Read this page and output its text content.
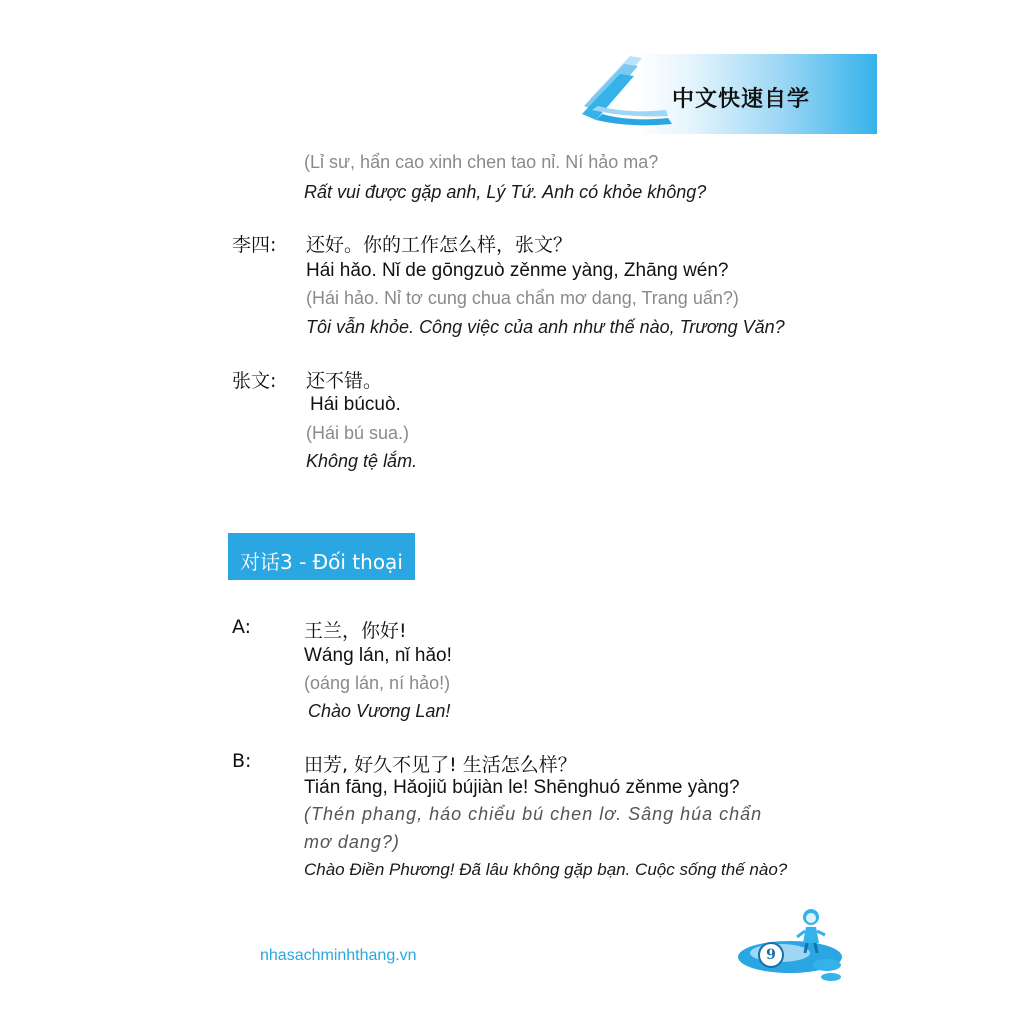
中文快速自学
(Lỉ sư, hẩn cao xinh chen tao nỉ. Ní hảo ma?
Rất vui được gặp anh, Lý Tứ. Anh có khỏe không?
李四: 还好。你的工作怎么样，张文？
Hái hǎo. Nǐ de gōngzuò zěnme yàng, Zhāng wén?
(Hái hảo. Nỉ tơ cung chua chẩn mơ dang, Trang uấn?)
Tôi vẫn khỏe. Công việc của anh như thế nào, Trương Văn?
张文: 还不错。
Hái búcuò.
(Hái bú sua.)
Không tệ lắm.
对话3 - Đối thoại
A:	王兰，你好!
Wáng lán, nǐ hǎo!
(oáng lán, ní hảo!)
Chào Vương Lan!
B:	田芳, 好久不见了! 生活怎么样？
Tián fāng, Hǎojiǔ bújiàn le! Shēnghuó zěnme yàng?
(Thén phang, háo chiểu bú chen lơ. Sâng húa chẩn
mơ dang?)
Chào Điền Phương! Đã lâu không gặp bạn. Cuộc sống thế nào?
nhasachminhthang.vn	9
